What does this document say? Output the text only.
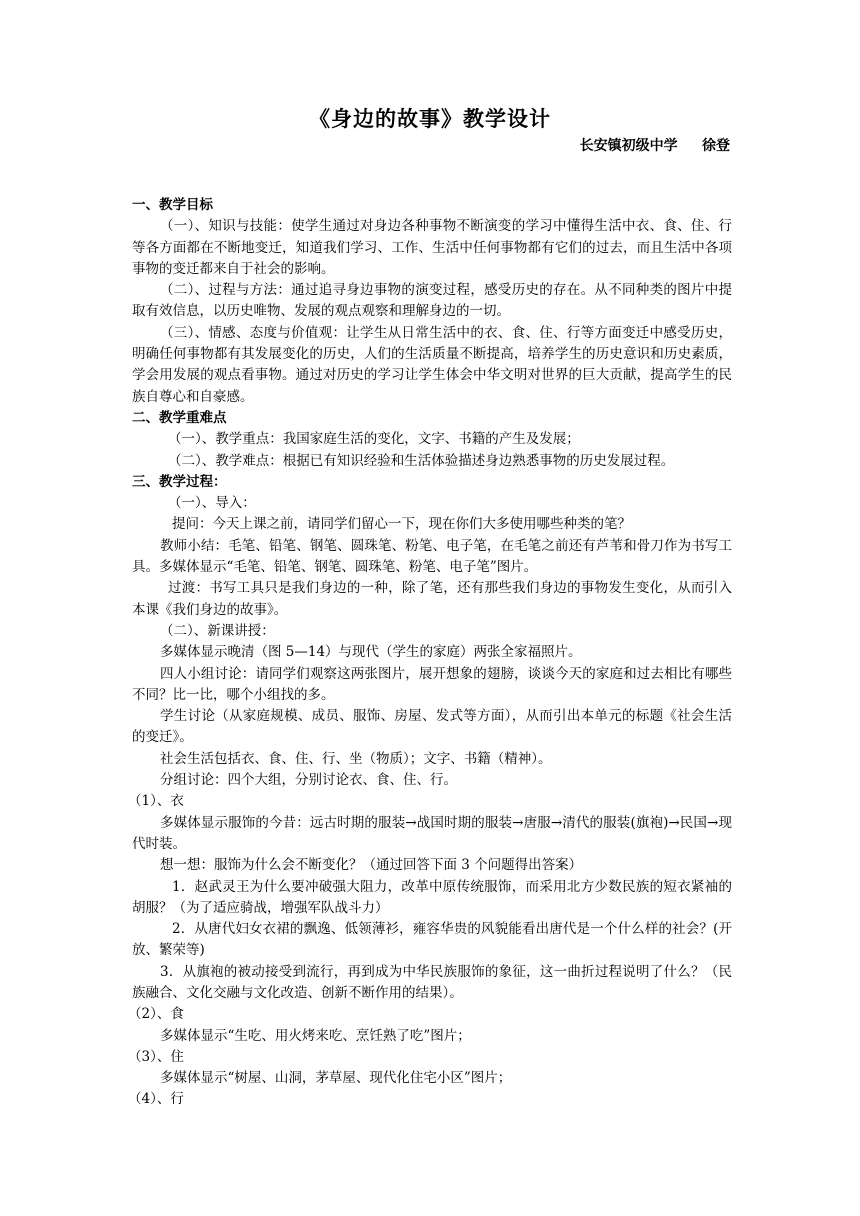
《身边的故事》教学设计
长安镇初级中学     徐登

一、教学目标

（一）、知识与技能：使学生通过对身边各种事物不断演变的学习中懂得生活中衣、食、住、行等各方面都在不断地变迁，知道我们学习、工作、生活中任何事物都有它们的过去，而且生活中各项事物的变迁都来自于社会的影响。

（二）、过程与方法：通过追寻身边事物的演变过程，感受历史的存在。从不同种类的图片中提取有效信息，以历史唯物、发展的观点观察和理解身边的一切。

（三）、情感、态度与价值观：让学生从日常生活中的衣、食、住、行等方面变迁中感受历史，明确任何事物都有其发展变化的历史，人们的生活质量不断提高，培养学生的历史意识和历史素质，学会用发展的观点看事物。通过对历史的学习让学生体会中华文明对世界的巨大贡献，提高学生的民族自尊心和自豪感。

二、教学重难点

（一）、教学重点：我国家庭生活的变化，文字、书籍的产生及发展；

（二）、教学难点：根据已有知识经验和生活体验描述身边熟悉事物的历史发展过程。

三、教学过程：

（一）、导入：

提问：今天上课之前，请同学们留心一下，现在你们大多使用哪些种类的笔？

教师小结：毛笔、铅笔、钢笔、圆珠笔、粉笔、电子笔，在毛笔之前还有芦苇和骨刀作为书写工具。多媒体显示“毛笔、铅笔、钢笔、圆珠笔、粉笔、电子笔”图片。

过渡：书写工具只是我们身边的一种，除了笔，还有那些我们身边的事物发生变化，从而引入本课《我们身边的故事》。

（二）、新课讲授：

多媒体显示晚清（图 5—14）与现代（学生的家庭）两张全家福照片。

四人小组讨论：请同学们观察这两张图片，展开想象的翅膀，谈谈今天的家庭和过去相比有哪些不同？比一比，哪个小组找的多。

学生讨论（从家庭规模、成员、服饰、房屋、发式等方面），从而引出本单元的标题《社会生活的变迁》。

社会生活包括衣、食、住、行、坐（物质）；文字、书籍（精神）。

分组讨论：四个大组，分别讨论衣、食、住、行。

（1）、衣

多媒体显示服饰的今昔：远古时期的服装→战国时期的服装→唐服→清代的服装(旗袍)→民国→现代时装。

想一想：服饰为什么会不断变化？（通过回答下面 3 个问题得出答案）

1．赵武灵王为什么要冲破强大阻力，改革中原传统服饰，而采用北方少数民族的短衣紧袖的胡服？（为了适应骑战，增强军队战斗力）

2．从唐代妇女衣裙的飘逸、低领薄衫，雍容华贵的风貌能看出唐代是一个什么样的社会？(开放、繁荣等)

3．从旗袍的被动接受到流行，再到成为中华民族服饰的象征，这一曲折过程说明了什么？（民族融合、文化交融与文化改造、创新不断作用的结果）。

（2）、食

多媒体显示“生吃、用火烤来吃、烹饪熟了吃”图片；

（3）、住

多媒体显示“树屋、山洞，茅草屋、现代化住宅小区”图片；

（4）、行
